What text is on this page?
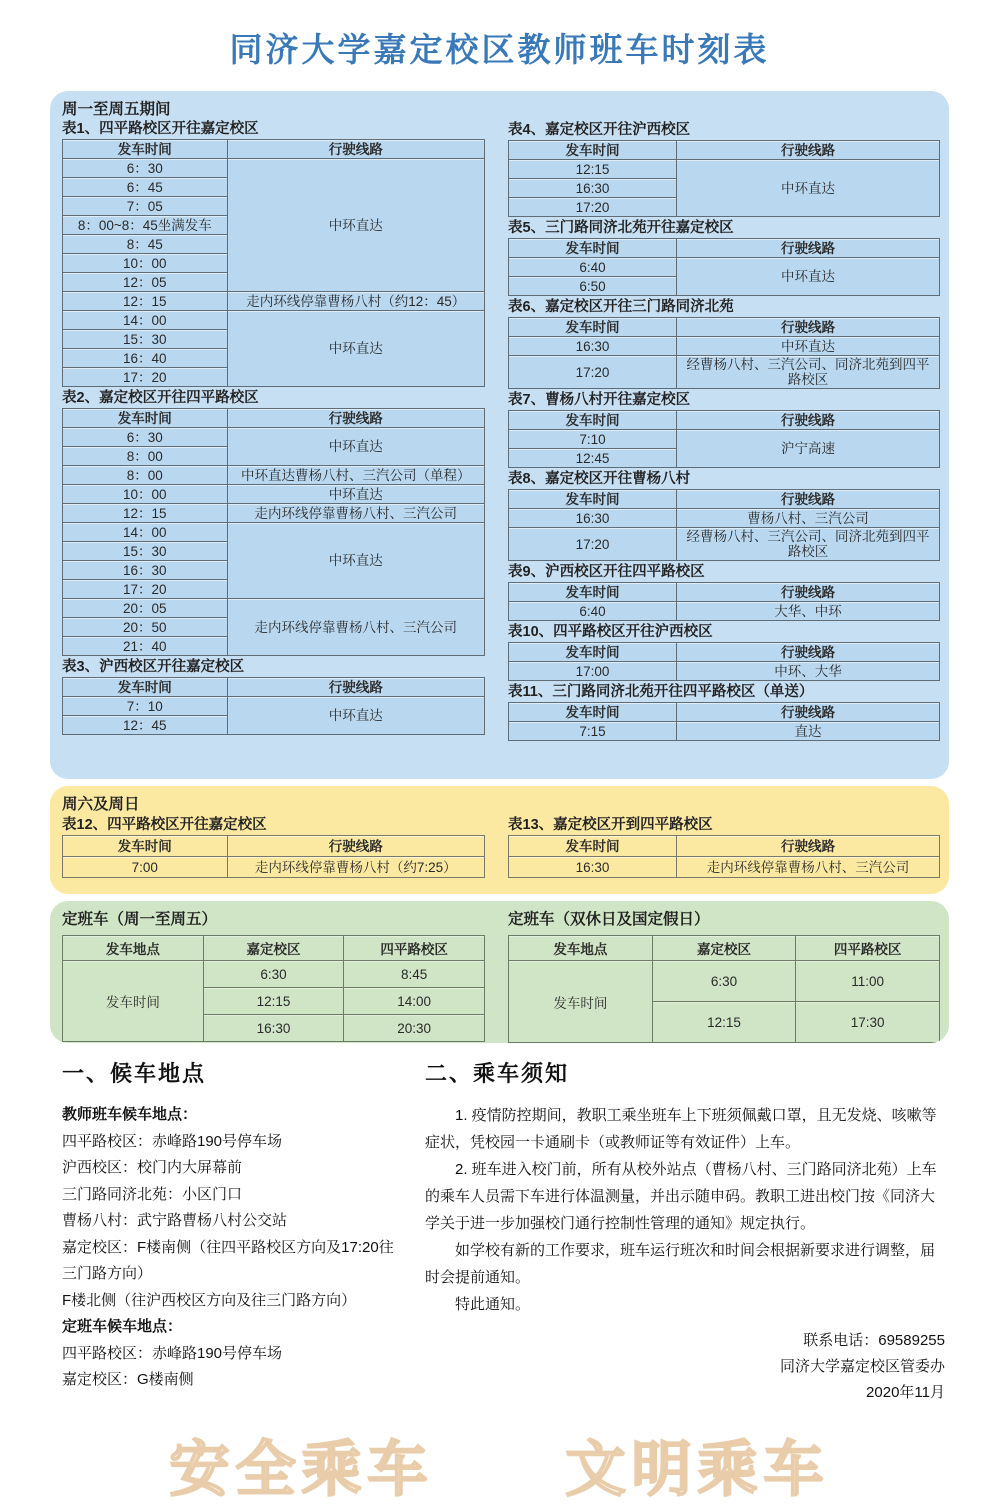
同济大学嘉定校区教师班车时刻表
周一至周五期间
表1、四平路校区开往嘉定校区
发车时间	行驶线路
6：30	中环直达
6：45	
7：05	
8：00~8：45坐满发车	
8：45	
10：00	
12：05	
12：15	走内环线停靠曹杨八村（约12：45）
14：00	中环直达
15：30	
16：40	
17：20	
表2、嘉定校区开往四平路校区
发车时间	行驶线路
6：30	中环直达
8：00	
8：00	中环直达曹杨八村、三汽公司（单程）
10：00	中环直达
12：15	走内环线停靠曹杨八村、三汽公司
14：00	中环直达
15：30	
16：30	
17：20	
20：05	走内环线停靠曹杨八村、三汽公司
20：50	
21：40	
表3、沪西校区开往嘉定校区
发车时间	行驶线路
7：10	中环直达
12：45	
表4、嘉定校区开往沪西校区
发车时间	行驶线路
12:15	中环直达
16:30	
17:20	
表5、三门路同济北苑开往嘉定校区
发车时间	行驶线路
6:40	中环直达
6:50	
表6、嘉定校区开往三门路同济北苑
发车时间	行驶线路
16:30	中环直达
17:20	经曹杨八村、三汽公司、同济北苑到四平路校区
表7、曹杨八村开往嘉定校区
发车时间	行驶线路
7:10	沪宁高速
12:45	
表8、嘉定校区开往曹杨八村
发车时间	行驶线路
16:30	曹杨八村、三汽公司
17:20	经曹杨八村、三汽公司、同济北苑到四平路校区
表9、沪西校区开往四平路校区
发车时间	行驶线路
6:40	大华、中环
表10、四平路校区开往沪西校区
发车时间	行驶线路
17:00	中环、大华
表11、三门路同济北苑开往四平路校区（单送）
发车时间	行驶线路
7:15	直达
周六及周日
表12、四平路校区开往嘉定校区
发车时间	行驶线路
7:00	走内环线停靠曹杨八村（约7:25）
表13、嘉定校区开到四平路校区
发车时间	行驶线路
16:30	走内环线停靠曹杨八村、三汽公司
定班车（周一至周五）
发车地点	嘉定校区	四平路校区
发车时间	6:30	8:45
	12:15	14:00
	16:30	20:30
定班车（双休日及国定假日）
发车地点	嘉定校区	四平路校区
发车时间	6:30	11:00
	12:15	17:30
一、候车地点
教师班车候车地点：
四平路校区：赤峰路190号停车场
沪西校区：校门内大屏幕前
三门路同济北苑：小区门口
曹杨八村：武宁路曹杨八村公交站
嘉定校区：F楼南侧（往四平路校区方向及17:20往三门路方向）
F楼北侧（往沪西校区方向及往三门路方向）
定班车候车地点：
四平路校区：赤峰路190号停车场
嘉定校区：G楼南侧
二、乘车须知

1. 疫情防控期间，教职工乘坐班车上下班须佩戴口罩，且无发烧、咳嗽等症状，凭校园一卡通刷卡（或教师证等有效证件）上车。

2. 班车进入校门前，所有从校外站点（曹杨八村、三门路同济北苑）上车的乘车人员需下车进行体温测量，并出示随申码。教职工进出校门按《同济大学关于进一步加强校门通行控制性管理的通知》规定执行。

如学校有新的工作要求，班车运行班次和时间会根据新要求进行调整，届时会提前通知。

特此通知。

联系电话：69589255
同济大学嘉定校区管委办
2020年11月
安全乘车　　文明乘车
